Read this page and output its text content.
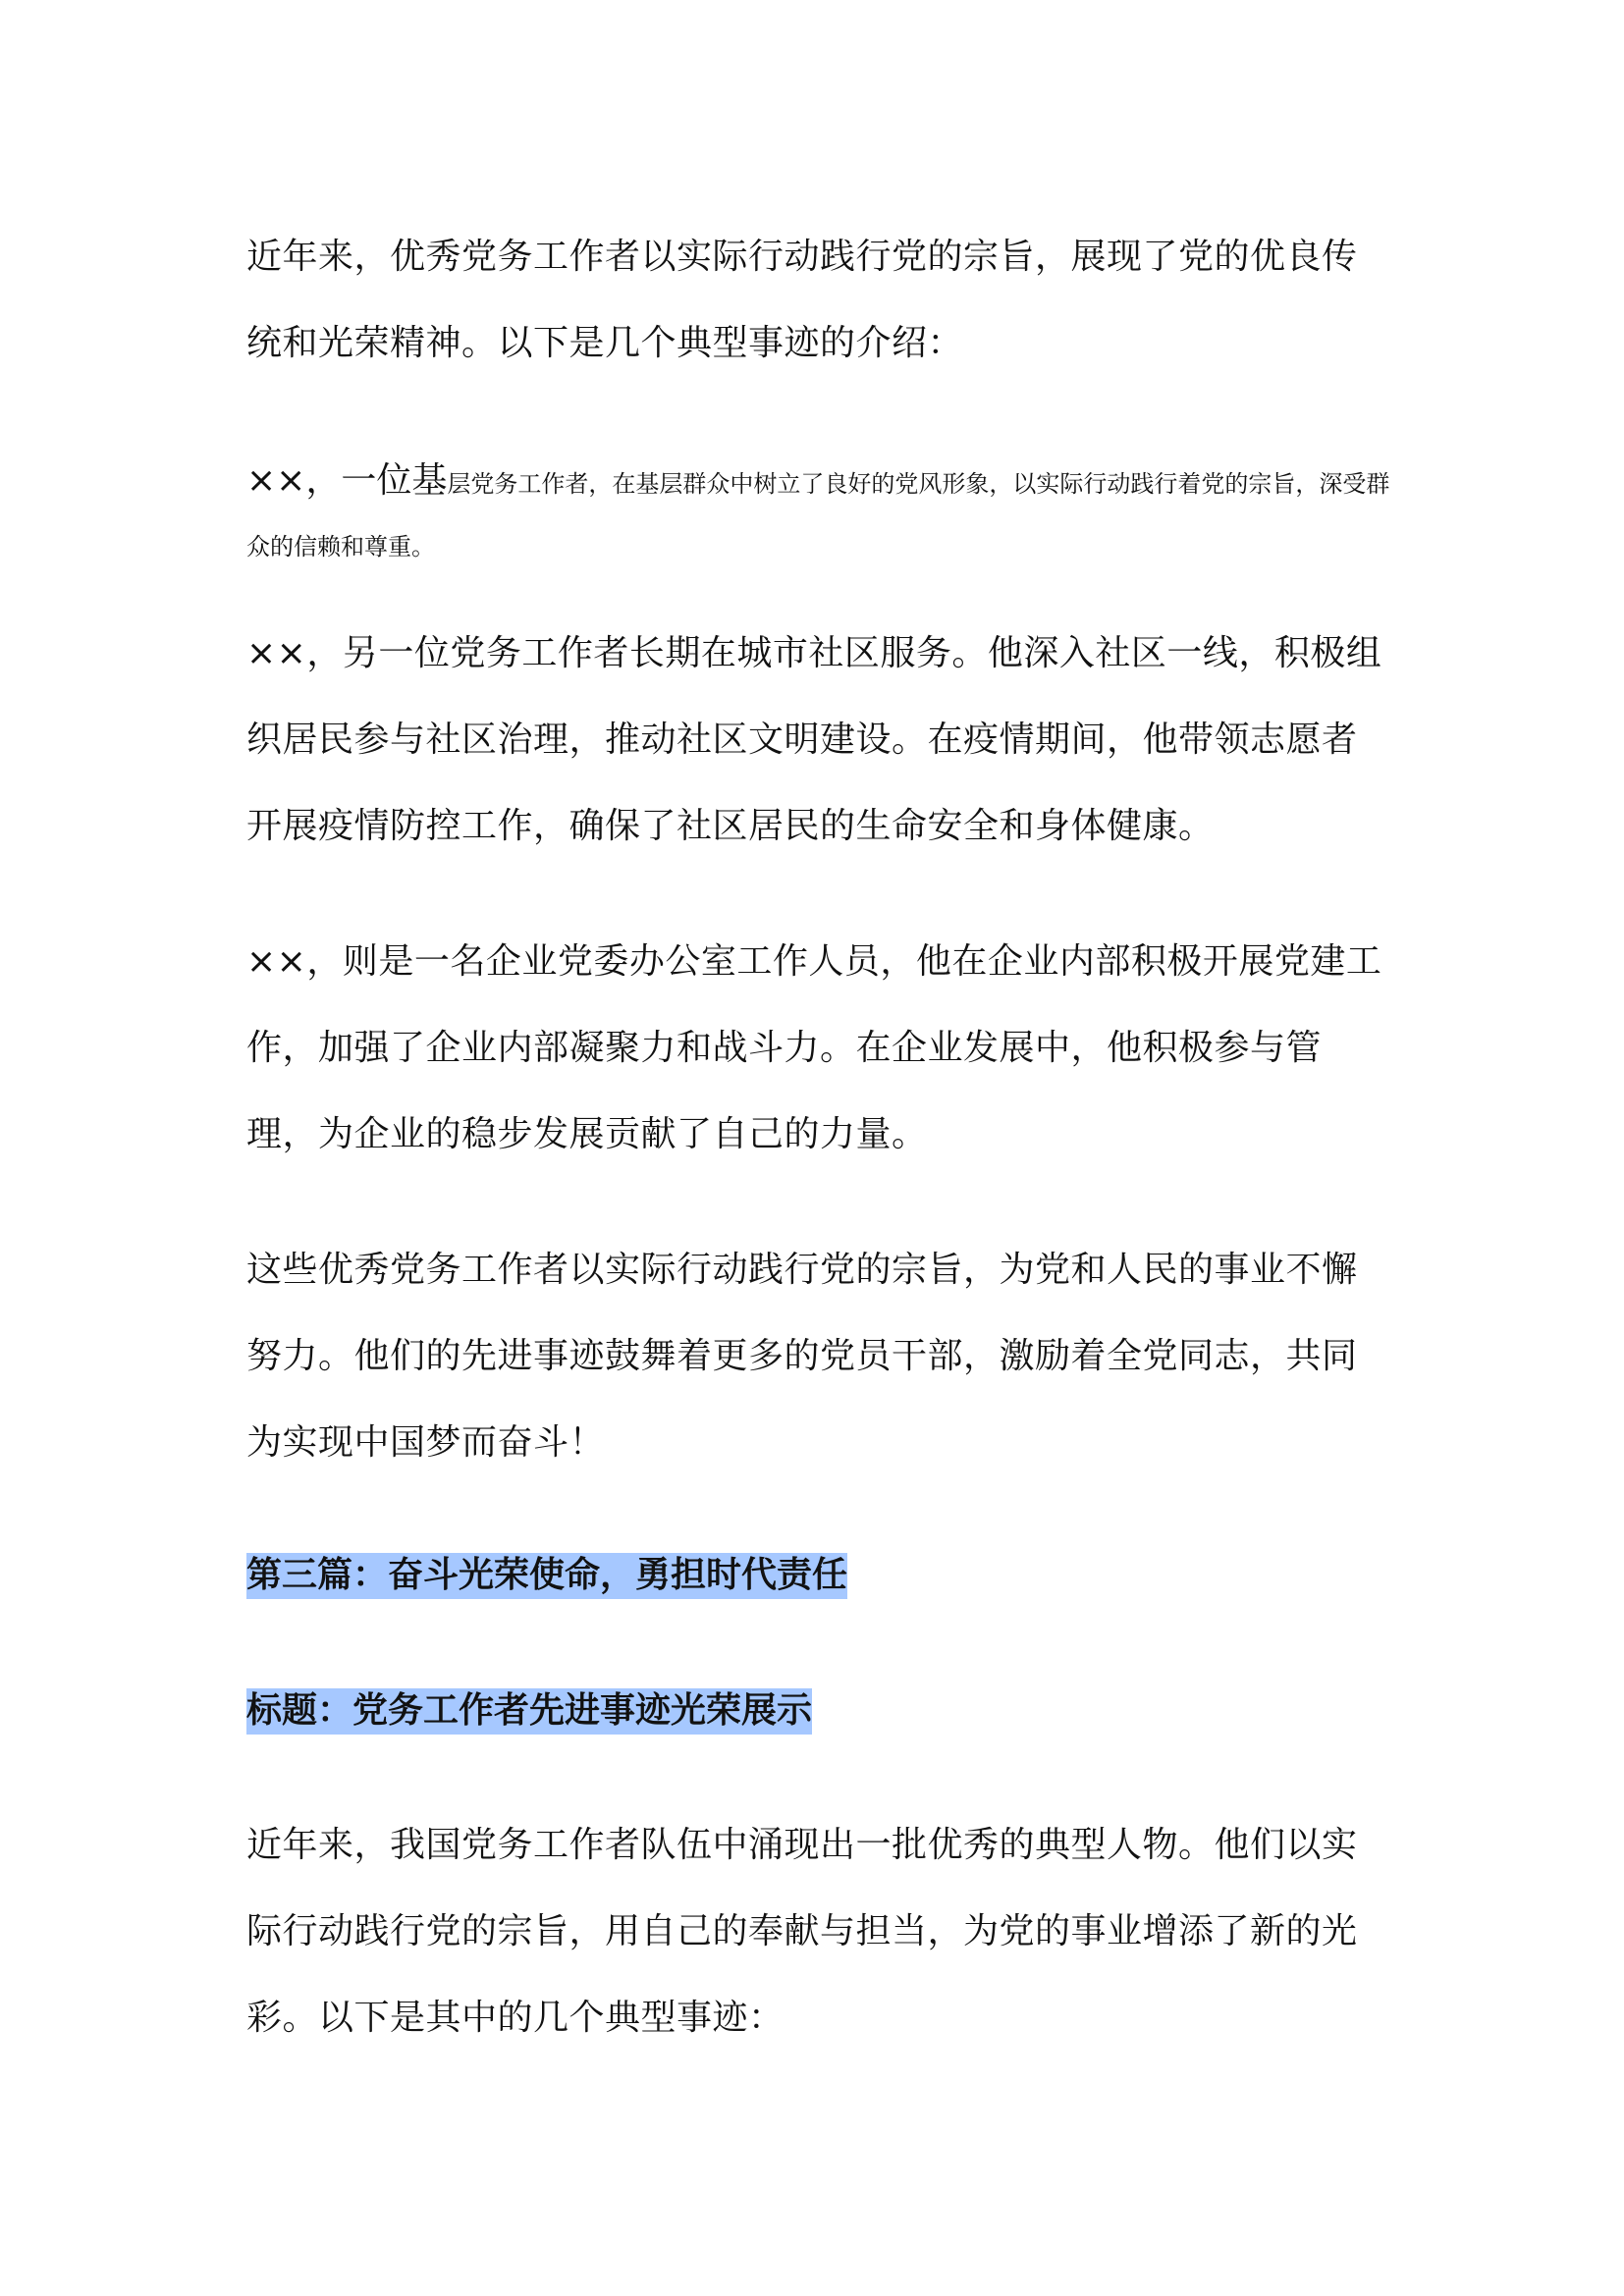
近年来，优秀党务工作者以实际行动践行党的宗旨，展现了党的优良传统和光荣精神。以下是几个典型事迹的介绍：

××，一位基层党务工作者，在基层群众中树立了良好的党风形象，以实际行动践行着党的宗旨，深受群众的信赖和尊重。

××，另一位党务工作者长期在城市社区服务。他深入社区一线，积极组织居民参与社区治理，推动社区文明建设。在疫情期间，他带领志愿者开展疫情防控工作，确保了社区居民的生命安全和身体健康。

××，则是一名企业党委办公室工作人员，他在企业内部积极开展党建工作，加强了企业内部凝聚力和战斗力。在企业发展中，他积极参与管理，为企业的稳步发展贡献了自己的力量。

这些优秀党务工作者以实际行动践行党的宗旨，为党和人民的事业不懈努力。他们的先进事迹鼓舞着更多的党员干部，激励着全党同志，共同为实现中国梦而奋斗！

第三篇：奋斗光荣使命，勇担时代责任

标题：党务工作者先进事迹光荣展示

近年来，我国党务工作者队伍中涌现出一批优秀的典型人物。他们以实际行动践行党的宗旨，用自己的奉献与担当，为党的事业增添了新的光彩。以下是其中的几个典型事迹：
